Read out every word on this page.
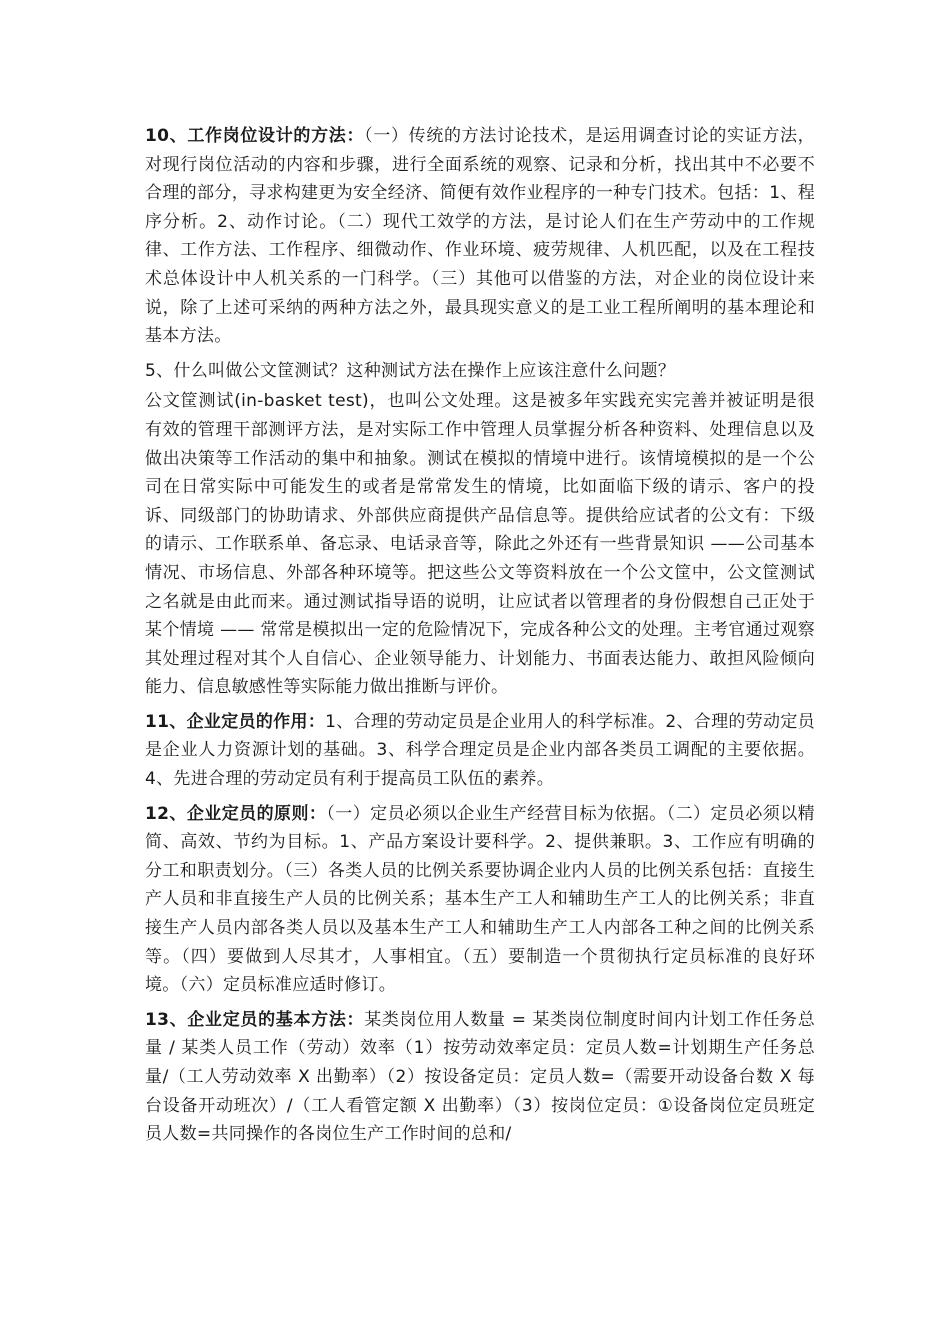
10、工作岗位设计的方法：（一）传统的方法讨论技术，是运用调查讨论的实证方法，对现行岗位活动的内容和步骤，进行全面系统的观察、记录和分析，找出其中不必要不合理的部分，寻求构建更为安全经济、简便有效作业程序的一种专门技术。包括：1、程序分析。2、动作讨论。（二）现代工效学的方法，是讨论人们在生产劳动中的工作规律、工作方法、工作程序、细微动作、作业环境、疲劳规律、人机匹配，以及在工程技术总体设计中人机关系的一门科学。（三）其他可以借鉴的方法，对企业的岗位设计来说，除了上述可采纳的两种方法之外，最具现实意义的是工业工程所阐明的基本理论和基本方法。

5、什么叫做公文筐测试？这种测试方法在操作上应该注意什么问题？

公文筐测试(in-basket test)，也叫公文处理。这是被多年实践充实完善并被证明是很有效的管理干部测评方法，是对实际工作中管理人员掌握分析各种资料、处理信息以及做出决策等工作活动的集中和抽象。测试在模拟的情境中进行。该情境模拟的是一个公司在日常实际中可能发生的或者是常常发生的情境，比如面临下级的请示、客户的投诉、同级部门的协助请求、外部供应商提供产品信息等。提供给应试者的公文有：下级的请示、工作联系单、备忘录、电话录音等，除此之外还有一些背景知识 ——公司基本情况、市场信息、外部各种环境等。把这些公文等资料放在一个公文筐中，公文筐测试之名就是由此而来。通过测试指导语的说明，让应试者以管理者的身份假想自己正处于某个情境 —— 常常是模拟出一定的危险情况下，完成各种公文的处理。主考官通过观察其处理过程对其个人自信心、企业领导能力、计划能力、书面表达能力、敢担风险倾向能力、信息敏感性等实际能力做出推断与评价。

11、企业定员的作用：1、合理的劳动定员是企业用人的科学标准。2、合理的劳动定员是企业人力资源计划的基础。3、科学合理定员是企业内部各类员工调配的主要依据。4、先进合理的劳动定员有利于提高员工队伍的素养。

12、企业定员的原则：（一）定员必须以企业生产经营目标为依据。（二）定员必须以精简、高效、节约为目标。1、产品方案设计要科学。2、提供兼职。3、工作应有明确的分工和职责划分。（三）各类人员的比例关系要协调企业内人员的比例关系包括：直接生产人员和非直接生产人员的比例关系；基本生产工人和辅助生产工人的比例关系；非直接生产人员内部各类人员以及基本生产工人和辅助生产工人内部各工种之间的比例关系等。（四）要做到人尽其才，人事相宜。（五）要制造一个贯彻执行定员标准的良好环境。（六）定员标准应适时修订。

13、企业定员的基本方法：某类岗位用人数量 = 某类岗位制度时间内计划工作任务总量 / 某类人员工作（劳动）效率（1）按劳动效率定员：定员人数=计划期生产任务总量/（工人劳动效率 X 出勤率）（2）按设备定员：定员人数=（需要开动设备台数 X 每台设备开动班次）/（工人看管定额 X 出勤率）（3）按岗位定员：①设备岗位定员班定员人数=共同操作的各岗位生产工作时间的总和/
